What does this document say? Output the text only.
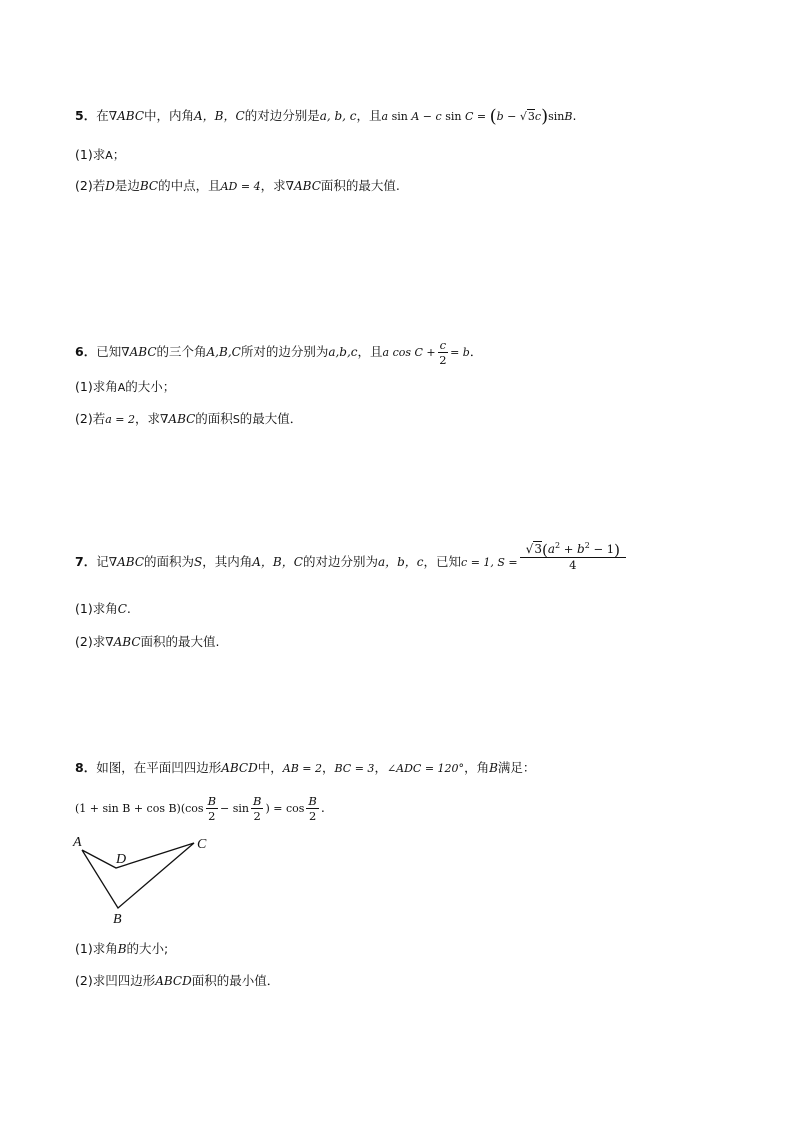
5．在∇ABC中，内角A，B，C的对边分别是a, b, c，且a sin A − c sin C = (b − √3c)sinB.
(1)求A；
(2)若D是边BC的中点，且AD = 4，求∇ABC面积的最大值.
6．已知∇ABC的三个角A,B,C所对的边分别为a,b,c，且a $\cos C + \frac{c}{2} = b$．
(1)求角A的大小；
(2)若a = 2，求∇ABC的面积S的最大值．
7．记∇ABC的面积为S，其内角A，B，C的对边分别为a，b，c，已知c = 1, $S = \frac{√3(a^2 + b^2 - 1)}{4}$
(1)求角C.
(2)求∇ABC面积的最大值.
8．如图，在平面凹四边形ABCD中，AB = 2，BC = 3，∠ADC = 120°，角B满足：
$(1 + \sin B + \cos B)(\cos \frac{B}{2} - \sin \frac{B}{2}$ ) = $\cos \frac{B}{2}$ .
A
D
C
B
(1)求角B的大小;
(2)求凹四边形ABCD面积的最小值．
